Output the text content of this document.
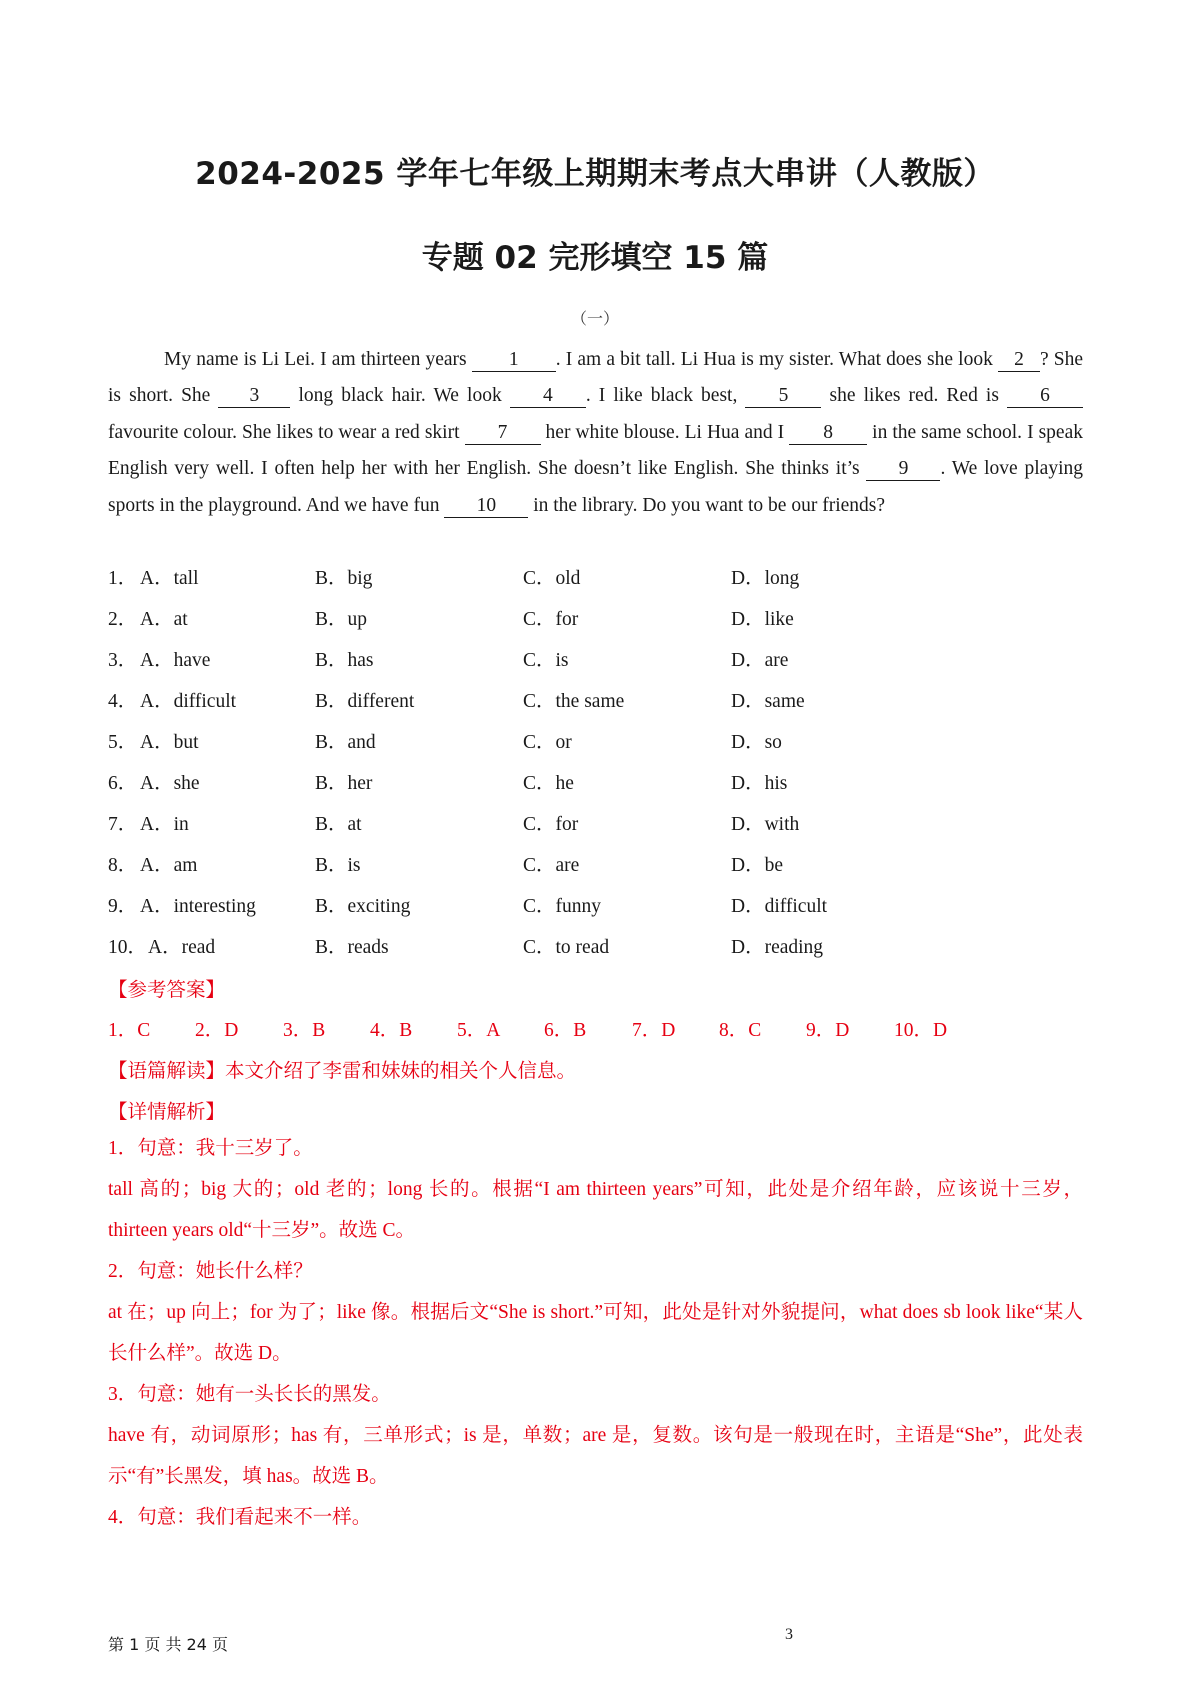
2024-2025 学年七年级上期期末考点大串讲（人教版）
专题 02 完形填空 15 篇
（一）

My name is Li Lei. I am thirteen years 1 . I am a bit tall. Li Hua is my sister. What does she look 2 ? She is short. She 3 long black hair. We look 4 . I like black best, 5 she likes red. Red is 6 favourite colour. She likes to wear a red skirt 7 her white blouse. Li Hua and I 8 in the same school. I speak English very well. I often help her with her English. She doesn’t like English. She thinks it’s 9 . We love playing sports in the playground. And we have fun 10 in the library. Do you want to be our friends?

1． A．tall	B．big	C．old	D．long
2． A．at	B．up	C．for	D．like
3． A．have	B．has	C．is	D．are
4． A．difficult	B．different	C．the same	D．same
5． A．but	B．and	C．or	D．so
6． A．she	B．her	C．he	D．his
7． A．in	B．at	C．for	D．with
8． A．am	B．is	C．are	D．be
9． A．interesting	B．exciting	C．funny	D．difficult
10． A．read	B．reads	C．to read	D．reading
【参考答案】
1．C 2．D 3．B 4．B 5．A 6．B 7．D 8．C 9．D 10．D
【语篇解读】本文介绍了李雷和妹妹的相关个人信息。
【详情解析】

1．句意：我十三岁了。

tall 高的；big 大的；old 老的；long 长的。根据“I am thirteen years”可知，此处是介绍年龄，应该说十三岁，thirteen years old“十三岁”。故选 C。

2．句意：她长什么样？

at 在；up 向上；for 为了；like 像。根据后文“She is short.”可知，此处是针对外貌提问，what does sb look like“某人长什么样”。故选 D。

3．句意：她有一头长长的黑发。

have 有，动词原形；has 有，三单形式；is 是，单数；are 是，复数。该句是一般现在时，主语是“She”，此处表示“有”长黑发，填 has。故选 B。

4．句意：我们看起来不一样。

第 1 页 共 24 页
3
